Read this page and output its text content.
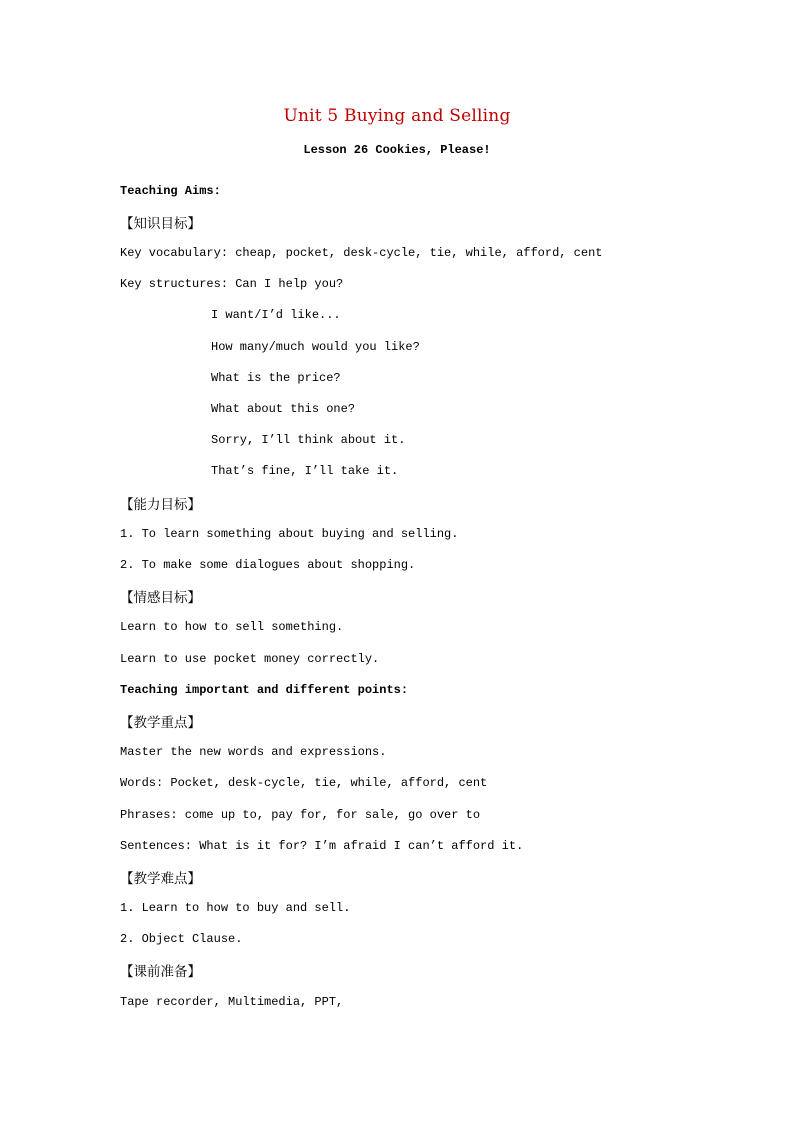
Unit 5 Buying and Selling
Lesson 26 Cookies, Please!

Teaching Aims:

【知识目标】

Key vocabulary: cheap, pocket, desk-cycle, tie, while, afford, cent

Key structures: Can I help you?

I want/I’d like...

How many/much would you like?

What is the price?

What about this one?

Sorry, I’ll think about it.

That’s fine, I’ll take it.

【能力目标】

1. To learn something about buying and selling.

2. To make some dialogues about shopping.

【情感目标】

Learn to how to sell something.

Learn to use pocket money correctly.

Teaching important and different points:

【教学重点】

Master the new words and expressions.

Words: Pocket, desk-cycle, tie, while, afford, cent

Phrases: come up to, pay for, for sale, go over to

Sentences: What is it for? I’m afraid I can’t afford it.

【教学难点】

1. Learn to how to buy and sell.

2. Object Clause.

【课前准备】

Tape recorder, Multimedia, PPT,
